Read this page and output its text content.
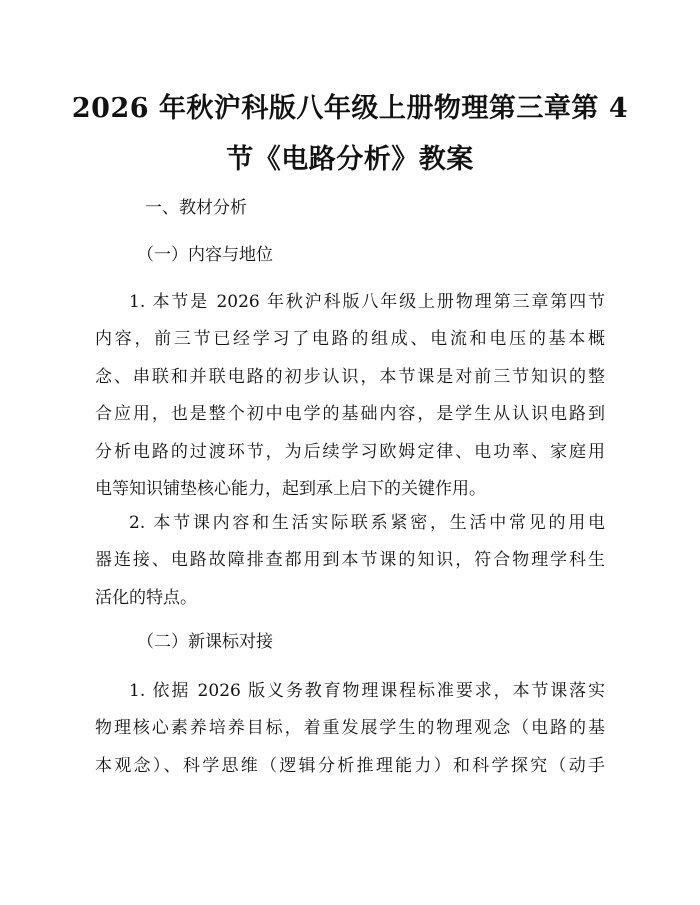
2026 年秋沪科版八年级上册物理第三章第 4
节《电路分析》教案
一、教材分析
（一）内容与地位
1. 本节是 2026 年秋沪科版八年级上册物理第三章第四节
内容，前三节已经学习了电路的组成、电流和电压的基本概
念、串联和并联电路的初步认识，本节课是对前三节知识的整
合应用，也是整个初中电学的基础内容，是学生从认识电路到
分析电路的过渡环节，为后续学习欧姆定律、电功率、家庭用
电等知识铺垫核心能力，起到承上启下的关键作用。
2. 本节课内容和生活实际联系紧密，生活中常见的用电
器连接、电路故障排查都用到本节课的知识，符合物理学科生
活化的特点。
（二）新课标对接
1. 依据 2026 版义务教育物理课程标准要求，本节课落实
物理核心素养培养目标，着重发展学生的物理观念（电路的基
本观念）、科学思维（逻辑分析推理能力）和科学探究（动手
